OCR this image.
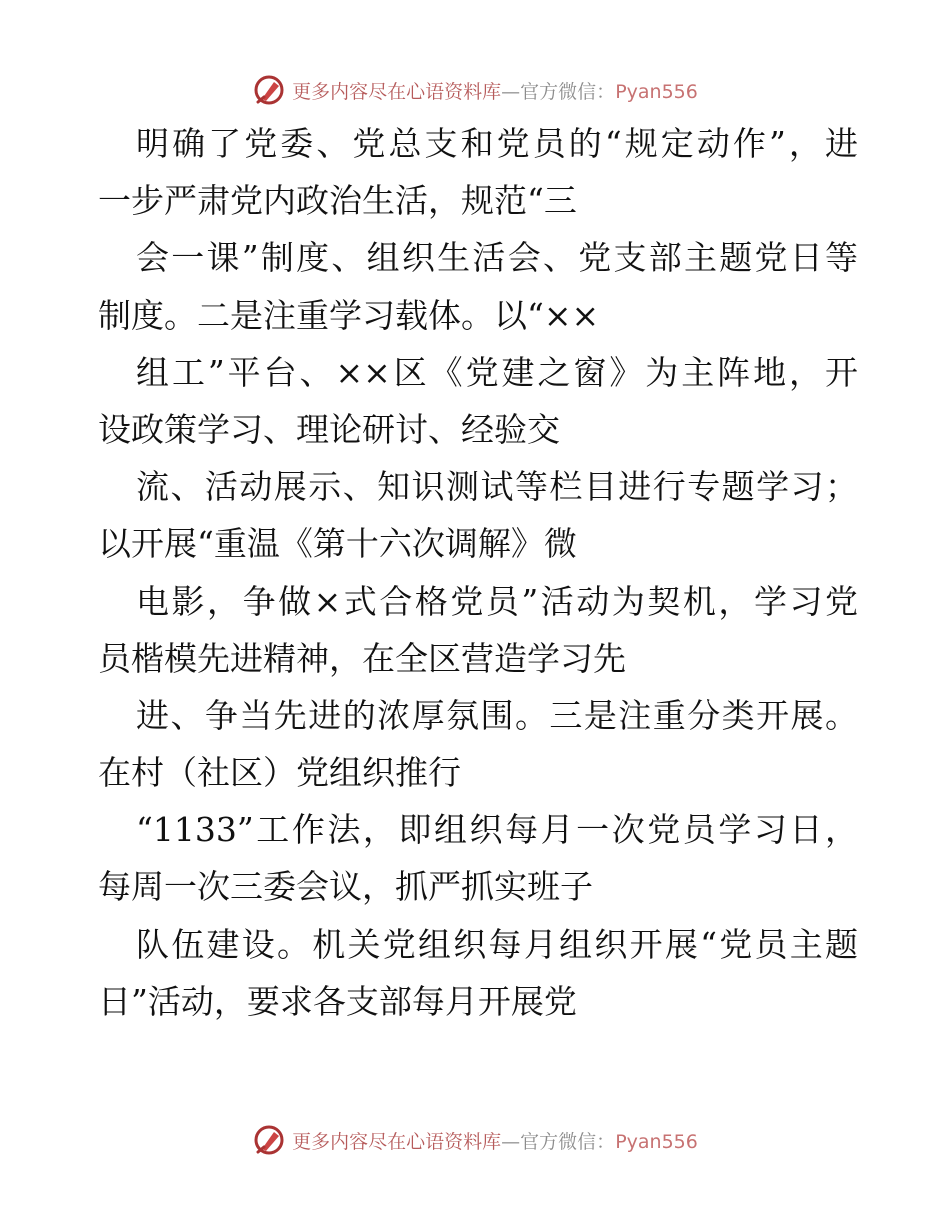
更多内容尽在心语资料库—官方微信：Pyan556
明确了党委、党总支和党员的“规定动作”，进
一步严肃党内政治生活，规范“三
会一课”制度、组织生活会、党支部主题党日等
制度。二是注重学习载体。以“××
组工”平台、××区《党建之窗》为主阵地，开
设政策学习、理论研讨、经验交
流、活动展示、知识测试等栏目进行专题学习；
以开展“重温《第十六次调解》微
电影，争做×式合格党员”活动为契机，学习党
员楷模先进精神，在全区营造学习先
进、争当先进的浓厚氛围。三是注重分类开展。
在村（社区）党组织推行
“1133”工作法，即组织每月一次党员学习日，
每周一次三委会议，抓严抓实班子
队伍建设。机关党组织每月组织开展“党员主题
日”活动，要求各支部每月开展党
更多内容尽在心语资料库—官方微信：Pyan556
